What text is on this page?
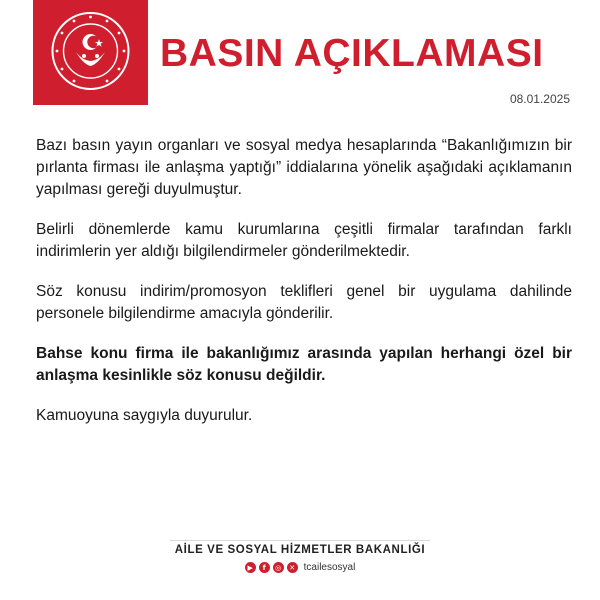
BASIN AÇIKLAMASI
08.01.2025

Bazı basın yayın organları ve sosyal medya hesaplarında “Bakanlığımızın bir pırlanta firması ile anlaşma yaptığı” iddialarına yönelik aşağıdaki açıklamanın yapılması gereği duyulmuştur.

Belirli dönemlerde kamu kurumlarına çeşitli firmalar tarafından farklı indirimlerin yer aldığı bilgilendirmeler gönderilmektedir.

Söz konusu indirim/promosyon teklifleri genel bir uygulama dahilinde personele bilgilendirme amacıyla gönderilir.

Bahse konu firma ile bakanlığımız arasında yapılan herhangi özel bir anlaşma kesinlikle söz konusu değildir.

Kamuoyuna saygıyla duyurulur.

AİLE VE SOSYAL HİZMETLER BAKANLIĞI
▶	f	◎	✕ tcailesosyal
